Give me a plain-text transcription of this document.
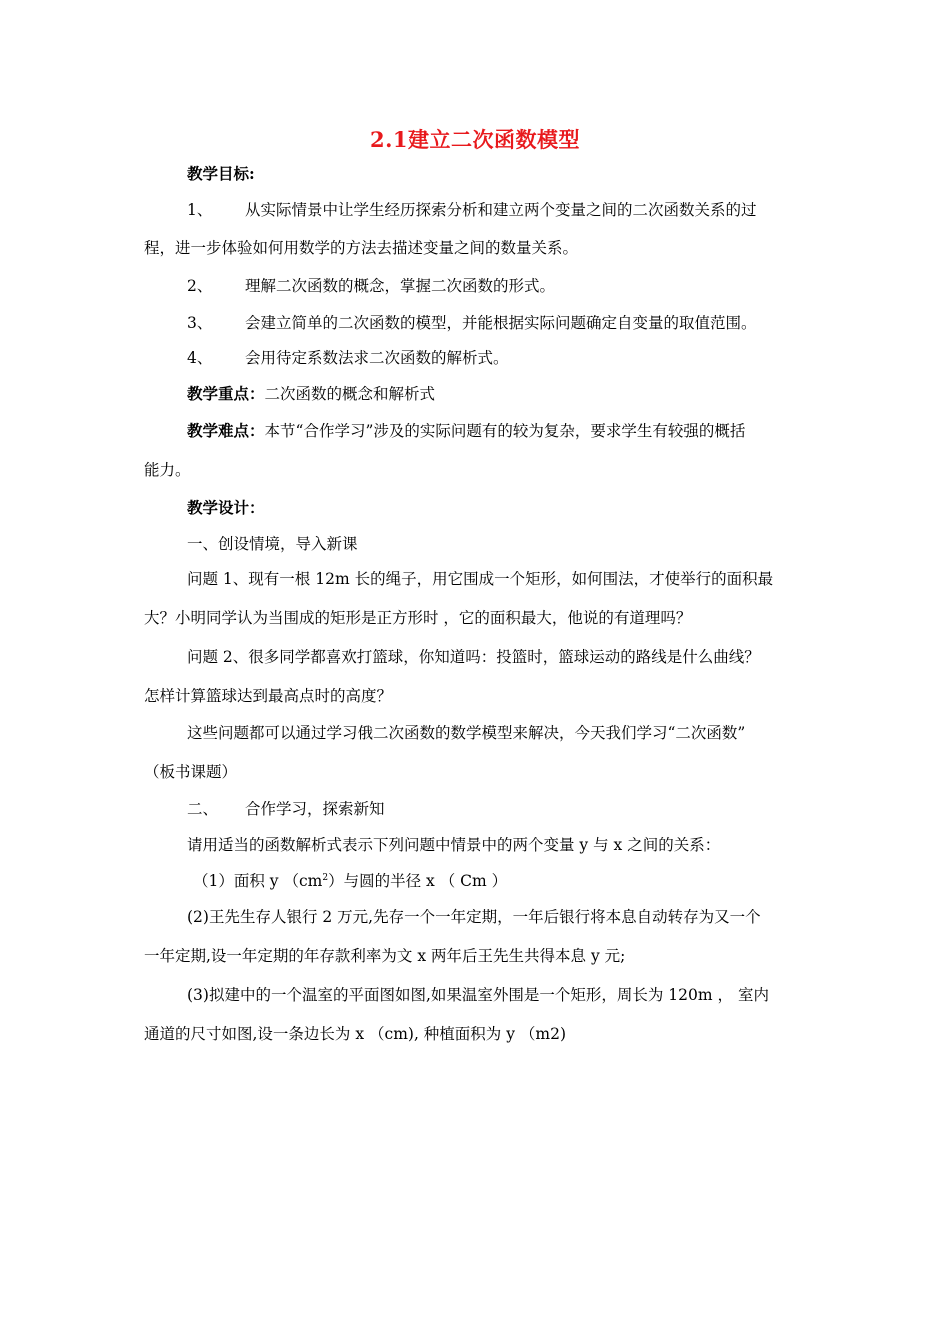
2.1建立二次函数模型
教学目标:
1、 从实际情景中让学生经历探索分析和建立两个变量之间的二次函数关系的过
程，进一步体验如何用数学的方法去描述变量之间的数量关系。
2、 理解二次函数的概念，掌握二次函数的形式。
3、 会建立简单的二次函数的模型，并能根据实际问题确定自变量的取值范围。
4、 会用待定系数法求二次函数的解析式。
教学重点：二次函数的概念和解析式
教学难点：本节“合作学习”涉及的实际问题有的较为复杂，要求学生有较强的概括
能力。
教学设计：
一、创设情境，导入新课
问题 1、现有一根 12m 长的绳子，用它围成一个矩形，如何围法，才使举行的面积最
大？小明同学认为当围成的矩形是正方形时 ，它的面积最大，他说的有道理吗？
问题 2、很多同学都喜欢打篮球，你知道吗：投篮时，篮球运动的路线是什么曲线？
怎样计算篮球达到最高点时的高度？
这些问题都可以通过学习俄二次函数的数学模型来解决，今天我们学习“二次函数”
（板书课题）
二、 合作学习，探索新知
请用适当的函数解析式表示下列问题中情景中的两个变量 y 与 x 之间的关系：
（1）面积 y $(cm^2)$与圆的半径 x （ Cm ）
(2)王先生存人银行 2 万元,先存一个一年定期，一年后银行将本息自动转存为又一个
一年定期,设一年定期的年存款利率为文 x 两年后王先生共得本息 y 元;
(3)拟建中的一个温室的平面图如图,如果温室外围是一个矩形，周长为 120m ， 室内
通道的尺寸如图,设一条边长为 x （cm), 种植面积为 y （m2)
